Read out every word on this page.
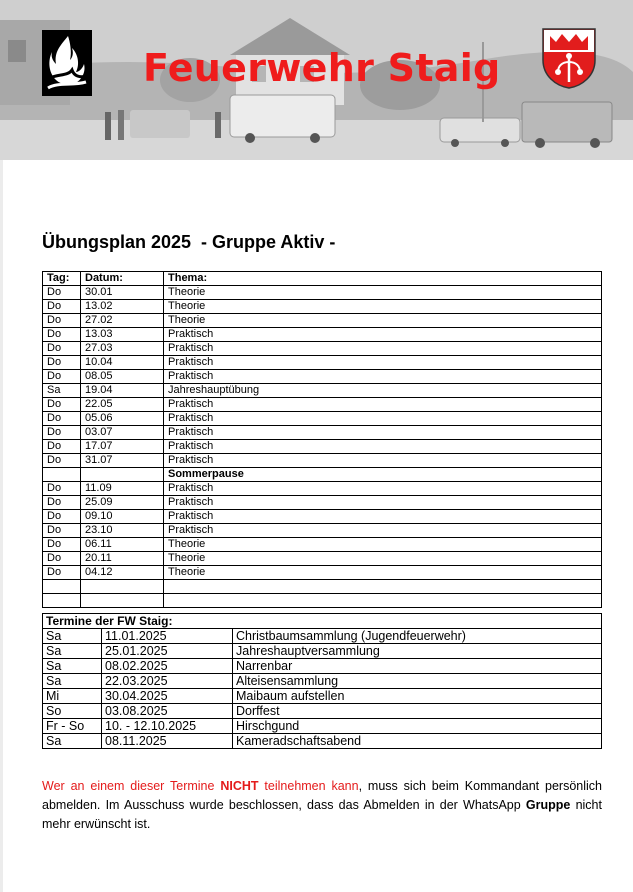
Feuerwehr Staig
Übungsplan 2025  - Gruppe Aktiv -
Tag:	Datum:	Thema:
Do	30.01	Theorie
Do	13.02	Theorie
Do	27.02	Theorie
Do	13.03	Praktisch
Do	27.03	Praktisch
Do	10.04	Praktisch
Do	08.05	Praktisch
Sa	19.04	Jahreshauptübung
Do	22.05	Praktisch
Do	05.06	Praktisch
Do	03.07	Praktisch
Do	17.07	Praktisch
Do	31.07	Praktisch
		Sommerpause
Do	11.09	Praktisch
Do	25.09	Praktisch
Do	09.10	Praktisch
Do	23.10	Praktisch
Do	06.11	Theorie
Do	20.11	Theorie
Do	04.12	Theorie

Termine der FW Staig:		
Sa	11.01.2025	Christbaumsammlung (Jugendfeuerwehr)
Sa	25.01.2025	Jahreshauptversammlung
Sa	08.02.2025	Narrenbar
Sa	22.03.2025	Alteisensammlung
Mi	30.04.2025	Maibaum aufstellen
So	03.08.2025	Dorffest
Fr - So	10. - 12.10.2025	Hirschgund
Sa	08.11.2025	Kameradschaftsabend
Wer an einem dieser Termine NICHT teilnehmen kann, muss sich beim Kommandant persönlich abmelden. Im Ausschuss wurde beschlossen, dass das Abmelden in der WhatsApp Gruppe nicht mehr erwünscht ist.
